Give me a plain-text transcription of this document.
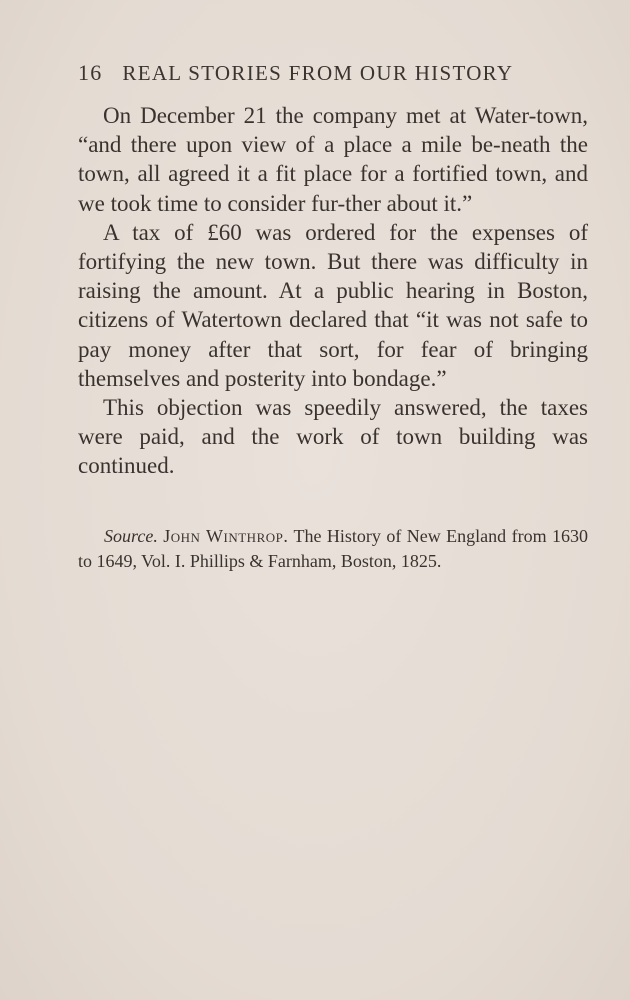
16 REAL STORIES FROM OUR HISTORY

On December 21 the company met at Water-town, “and there upon view of a place a mile be-neath the town, all agreed it a fit place for a fortified town, and we took time to consider fur-ther about it.”

A tax of £60 was ordered for the expenses of fortifying the new town. But there was difficulty in raising the amount. At a public hearing in Boston, citizens of Watertown declared that “it was not safe to pay money after that sort, for fear of bringing themselves and posterity into bondage.”

This objection was speedily answered, the taxes were paid, and the work of town building was continued.

Source. John Winthrop. The History of New England from 1630 to 1649, Vol. I. Phillips & Farnham, Boston, 1825.
